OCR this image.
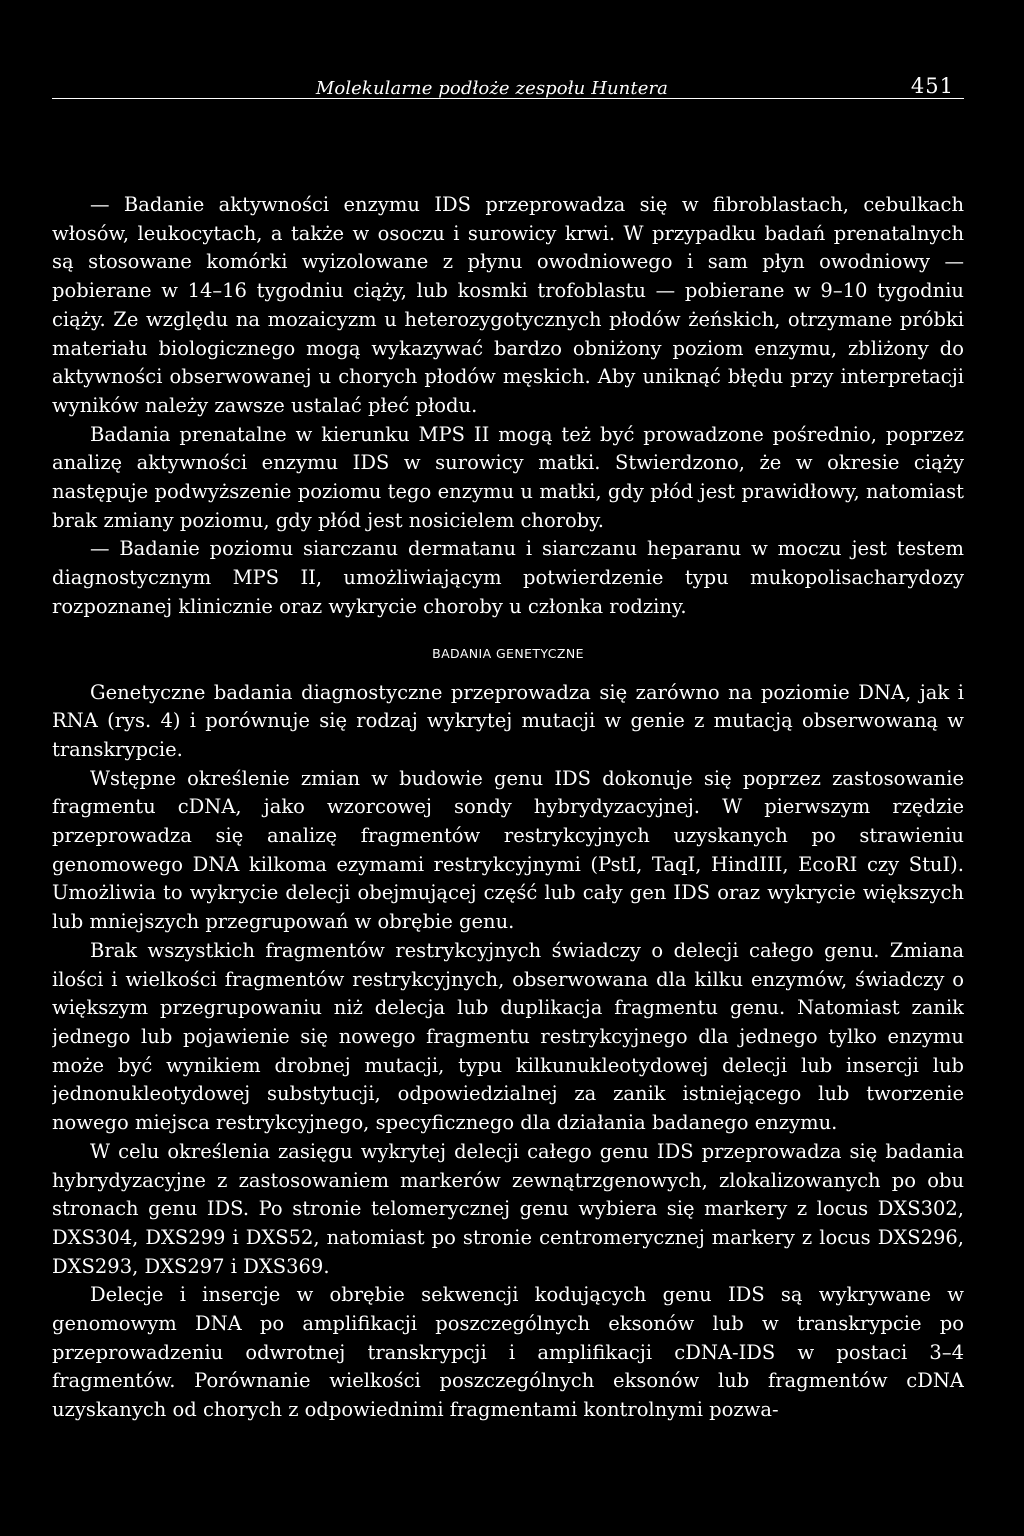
Molekularne podłoże zespołu Huntera	451

— Badanie aktywności enzymu IDS przeprowadza się w fibroblastach, cebulkach włosów, leukocytach, a także w osoczu i surowicy krwi. W przypadku badań prenatalnych są stosowane komórki wyizolowane z płynu owodniowego i sam płyn owodniowy — pobierane w 14–16 tygodniu ciąży, lub kosmki trofoblastu — pobierane w 9–10 tygodniu ciąży. Ze względu na mozaicyzm u heterozygotycznych płodów żeńskich, otrzymane próbki materiału biologicznego mogą wykazywać bardzo obniżony poziom enzymu, zbliżony do aktywności obserwowanej u chorych płodów męskich. Aby uniknąć błędu przy interpretacji wyników należy zawsze ustalać płeć płodu.

Badania prenatalne w kierunku MPS II mogą też być prowadzone pośrednio, poprzez analizę aktywności enzymu IDS w surowicy matki. Stwierdzono, że w okresie ciąży następuje podwyższenie poziomu tego enzymu u matki, gdy płód jest prawidłowy, natomiast brak zmiany poziomu, gdy płód jest nosicielem choroby.

— Badanie poziomu siarczanu dermatanu i siarczanu heparanu w moczu jest testem diagnostycznym MPS II, umożliwiającym potwierdzenie typu mukopolisacharydozy rozpoznanej klinicznie oraz wykrycie choroby u członka rodziny.

BADANIA GENETYCZNE

Genetyczne badania diagnostyczne przeprowadza się zarówno na poziomie DNA, jak i RNA (rys. 4) i porównuje się rodzaj wykrytej mutacji w genie z mutacją obserwowaną w transkrypcie.

Wstępne określenie zmian w budowie genu IDS dokonuje się poprzez zastosowanie fragmentu cDNA, jako wzorcowej sondy hybrydyzacyjnej. W pierwszym rzędzie przeprowadza się analizę fragmentów restrykcyjnych uzyskanych po strawieniu genomowego DNA kilkoma ezymami restrykcyjnymi (PstI, TaqI, HindIII, EcoRI czy StuI). Umożliwia to wykrycie delecji obejmującej część lub cały gen IDS oraz wykrycie większych lub mniejszych przegrupowań w obrębie genu.

Brak wszystkich fragmentów restrykcyjnych świadczy o delecji całego genu. Zmiana ilości i wielkości fragmentów restrykcyjnych, obserwowana dla kilku enzymów, świadczy o większym przegrupowaniu niż delecja lub duplikacja fragmentu genu. Natomiast zanik jednego lub pojawienie się nowego fragmentu restrykcyjnego dla jednego tylko enzymu może być wynikiem drobnej mutacji, typu kilkunukleotydowej delecji lub insercji lub jednonukleotydowej substytucji, odpowiedzialnej za zanik istniejącego lub tworzenie nowego miejsca restrykcyjnego, specyficznego dla działania badanego enzymu.

W celu określenia zasięgu wykrytej delecji całego genu IDS przeprowadza się badania hybrydyzacyjne z zastosowaniem markerów zewnątrzgenowych, zlokalizowanych po obu stronach genu IDS. Po stronie telomerycznej genu wybiera się markery z locus DXS302, DXS304, DXS299 i DXS52, natomiast po stronie centromerycznej markery z locus DXS296, DXS293, DXS297 i DXS369.

Delecje i insercje w obrębie sekwencji kodujących genu IDS są wykrywane w genomowym DNA po amplifikacji poszczególnych eksonów lub w transkrypcie po przeprowadzeniu odwrotnej transkrypcji i amplifikacji cDNA-IDS w postaci 3–4 fragmentów. Porównanie wielkości poszczególnych eksonów lub fragmentów cDNA uzyskanych od chorych z odpowiednimi fragmentami kontrolnymi pozwa-
